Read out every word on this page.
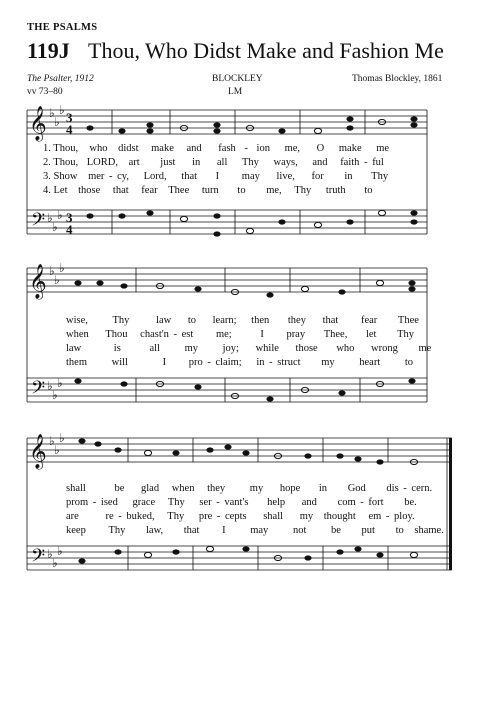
THE PSALMS
119J Thou, Who Didst Make and Fashion Me
The Psalter, 1912
vv 73–80
BLOCKLEY
LM
Thomas Blockley, 1861
𝄞
𝄢
𝄞
𝄢
𝄞
𝄢
♭
♭
♭
♭
♭
♭
♭
♭
♭
♭
♭
♭
♭
♭
♭
♭
♭
♭
3
4
3
4
1. Thou, who didst make and fash - ion me, O make me
2. Thou, LORD, art just in all Thy ways, and faith - ful
3. Show mer - cy, Lord, that I may live, for in Thy
4. Let those that fear Thee turn to me, Thy truth to
wise, Thy	law to learn; then they that fear Thee
when Thou chast'n - est me;	I pray Thee, let Thy
law	is	all my joy; while those who wrong me
them will	I pro - claim; in - struct my heart to
shall	be glad when they my hope in God dis - cern.
prom - ised grace Thy ser - vant's help and com - fort be.
are	re - buked, Thy pre - cepts shall my thought em - ploy.
keep Thy law, that I may not be put to shame.
